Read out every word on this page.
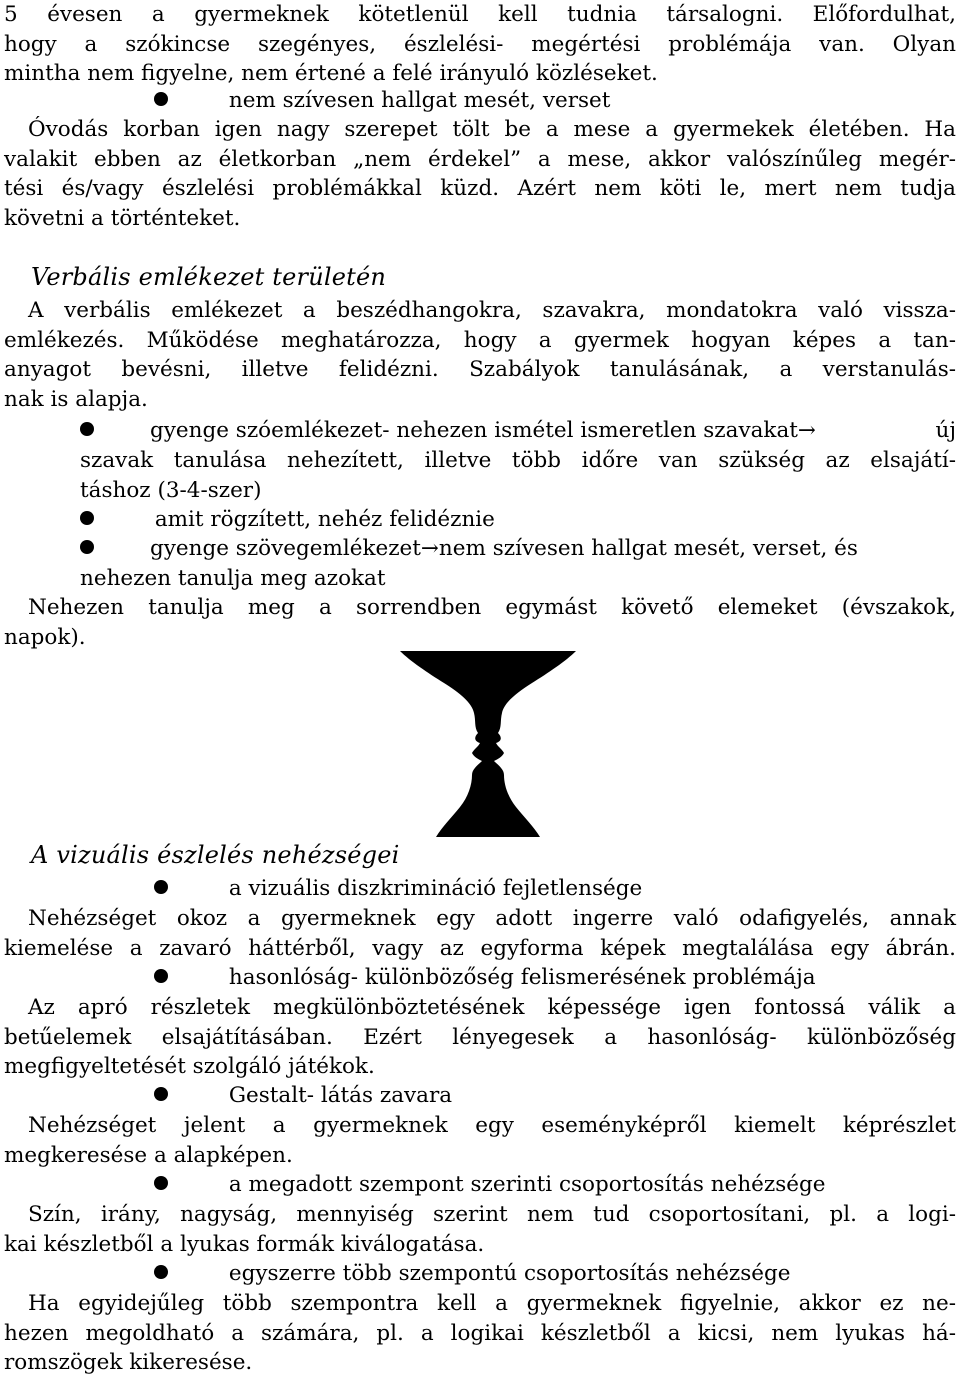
5 évesen a gyermeknek kötetlenül kell tudnia társalogni. Előfordulhat,
hogy a szókincse szegényes, észlelési- megértési problémája van. Olyan
mintha nem figyelne, nem értené a felé irányuló közléseket.
nem szívesen hallgat mesét, verset
Óvodás korban igen nagy szerepet tölt be a mese a gyermekek életében. Ha
valakit ebben az életkorban „nem érdekel” a mese, akkor valószínűleg megér-
tési és/vagy észlelési problémákkal küzd. Azért nem köti le, mert nem tudja
követni a történteket.
Verbális emlékezet területén
A verbális emlékezet a beszédhangokra, szavakra, mondatokra való vissza-
emlékezés. Működése meghatározza, hogy a gyermek hogyan képes a tan-
anyagot bevésni, illetve felidézni. Szabályok tanulásának, a verstanulás-
nak is alapja.
gyenge szóemlékezet- nehezen ismétel ismeretlen szavakat→	új
szavak tanulása nehezített, illetve több időre van szükség az elsajátí-
táshoz (3-4-szer)
amit rögzített, nehéz felidéznie
gyenge szövegemlékezet→nem szívesen hallgat mesét, verset, és
nehezen tanulja meg azokat
Nehezen tanulja meg a sorrendben egymást követő elemeket (évszakok,
napok).
A vizuális észlelés nehézségei
a vizuális diszkrimináció fejletlensége
Nehézséget okoz a gyermeknek egy adott ingerre való odafigyelés, annak
kiemelése a zavaró háttérből, vagy az egyforma képek megtalálása egy ábrán.
hasonlóság- különbözőség felismerésének problémája
Az apró részletek megkülönböztetésének képessége igen fontossá válik a
betűelemek elsajátításában. Ezért lényegesek a hasonlóság- különbözőség
megfigyeltetését szolgáló játékok.
Gestalt- látás zavara
Nehézséget jelent a gyermeknek egy eseményképről kiemelt képrészlet
megkeresése a alapképen.
a megadott szempont szerinti csoportosítás nehézsége
Szín, irány, nagyság, mennyiség szerint nem tud csoportosítani, pl. a logi-
kai készletből a lyukas formák kiválogatása.
egyszerre több szempontú csoportosítás nehézsége
Ha egyidejűleg több szempontra kell a gyermeknek figyelnie, akkor ez ne-
hezen megoldható a számára, pl. a logikai készletből a kicsi, nem lyukas há-
romszögek kikeresése.
